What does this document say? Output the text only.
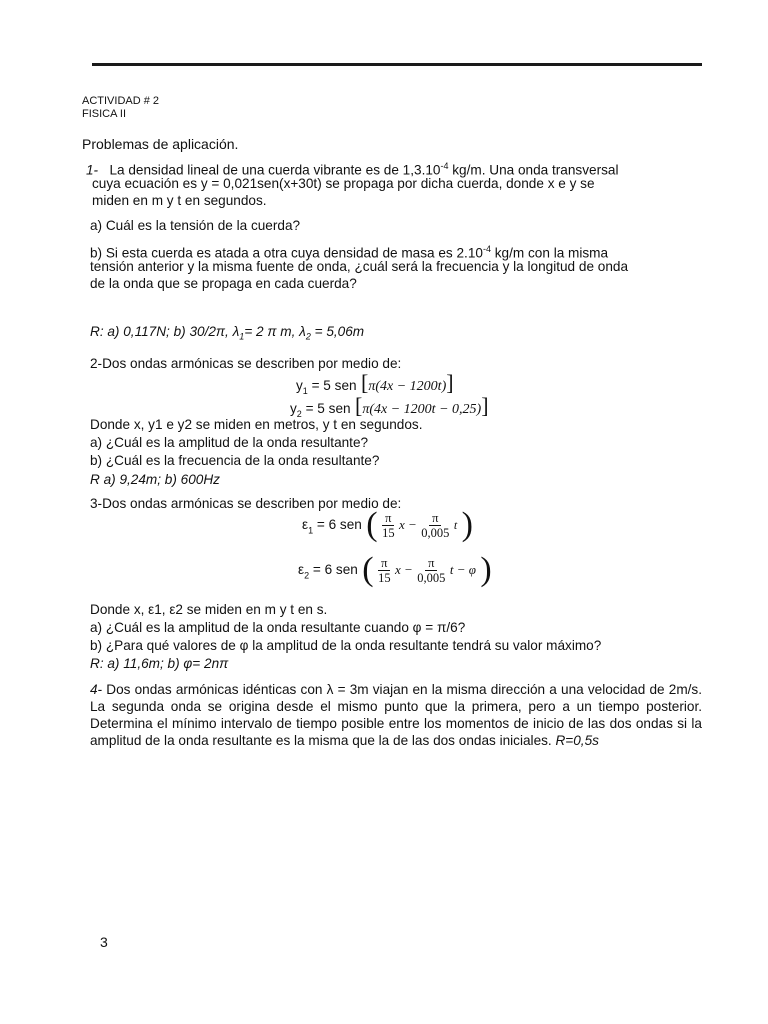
ACTIVIDAD # 2
FISICA II
Problemas de aplicación.
1- La densidad lineal de una cuerda vibrante es de $1,3.10^{-4}$ kg/m. Una onda transversal
cuya ecuación es y = 0,021sen(x+30t) se propaga por dicha cuerda, donde x e y se
miden en m y t en segundos.
a) Cuál es la tensión de la cuerda?
b) Si esta cuerda es atada a otra cuya densidad de masa es $2.10^{-4}$ kg/m con la misma
tensión anterior y la misma fuente de onda, ¿cuál será la frecuencia y la longitud de onda
de la onda que se propaga en cada cuerda?
R: a) 0,117N; b) 30/2π, $\lambda_1= 2$ π m, $\lambda_2 = 5,06m$
2-Dos ondas armónicas se describen por medio de:
$y_1 = 5$ sen [π(4x − 1200t)]
$y_2 = 5$ sen [π(4x − 1200t − 0,25)]
Donde x, y1 e y2 se miden en metros, y t en segundos.
a) ¿Cuál es la amplitud de la onda resultante?
b) ¿Cuál es la frecuencia de la onda resultante?
R a) 9,24m; b) 600Hz
3-Dos ondas armónicas se describen por medio de:
$\varepsilon_1 = 6$ sen ( $\frac{\pi}{15}$ $x - \frac{\pi}{0,005}$ t )
$\varepsilon_2 = 6$ sen ( $\frac{\pi}{15}$ $x - \frac{\pi}{0,005}$ t − φ )
Donde x, ε1, ε2 se miden en m y t en s.
a) ¿Cuál es la amplitud de la onda resultante cuando φ = π/6?
b) ¿Para qué valores de φ la amplitud de la onda resultante tendrá su valor máximo?
R: a) 11,6m; b) φ= 2nπ
4- Dos ondas armónicas idénticas con λ = 3m viajan en la misma dirección a una velocidad de 2m/s. La segunda onda se origina desde el mismo punto que la primera, pero a un tiempo posterior. Determina el mínimo intervalo de tiempo posible entre los momentos de inicio de las dos ondas si la amplitud de la onda resultante es la misma que la de las dos ondas iniciales. R=0,5s
3
